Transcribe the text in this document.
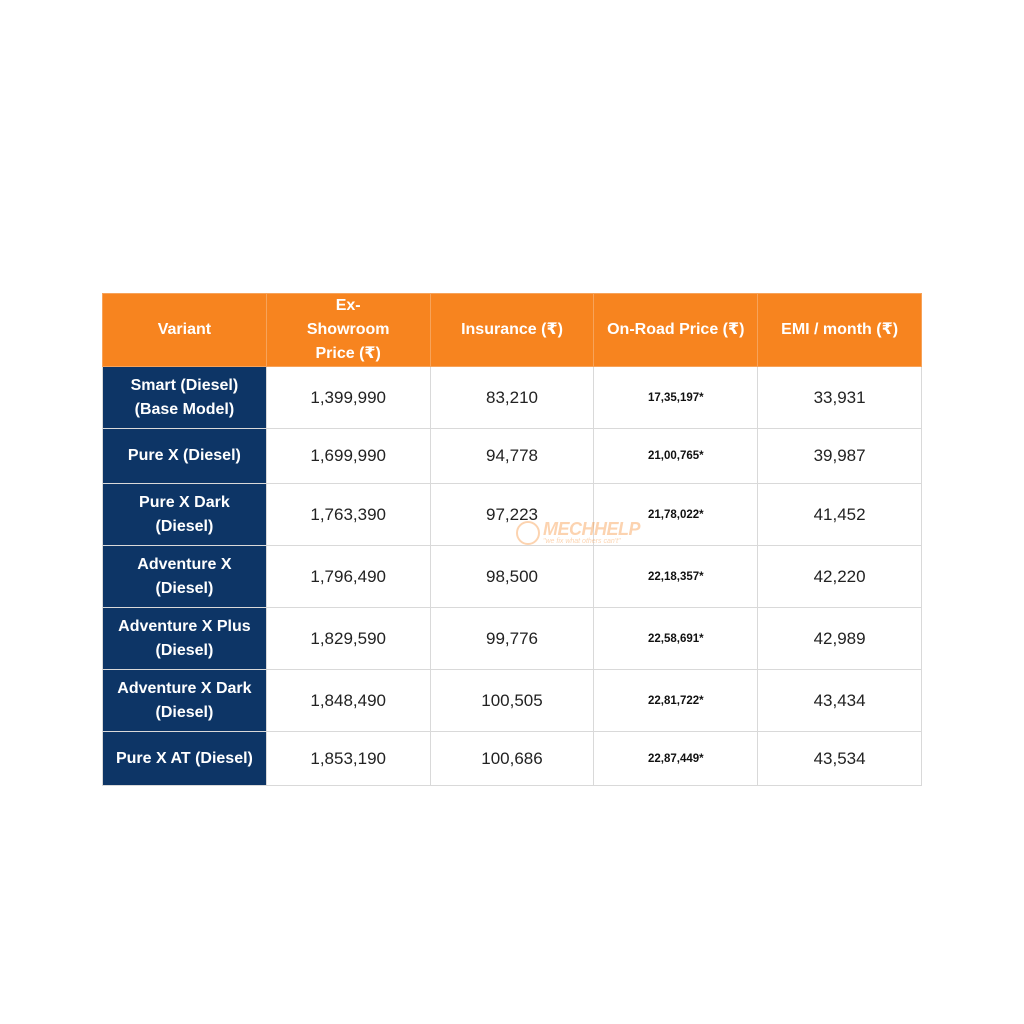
Variant	Ex-Showroom Price (₹)	Insurance (₹)	On-Road Price (₹)	EMI / month (₹)

Smart (Diesel)
(Base Model)	1,399,990	83,210	17,35,197*	33,931

Pure X (Diesel)	1,699,990	94,778	21,00,765*	39,987

Pure X Dark
(Diesel)	1,763,390	97,223	21,78,022*	41,452

Adventure X
(Diesel)	1,796,490	98,500	22,18,357*	42,220

Adventure X Plus
(Diesel)	1,829,590	99,776	22,58,691*	42,989

Adventure X Dark
(Diesel)	1,848,490	100,505	22,81,722*	43,434

Pure X AT (Diesel)	1,853,190	100,686	22,87,449*	43,534
MECHHELP
"we fix what others can't"
